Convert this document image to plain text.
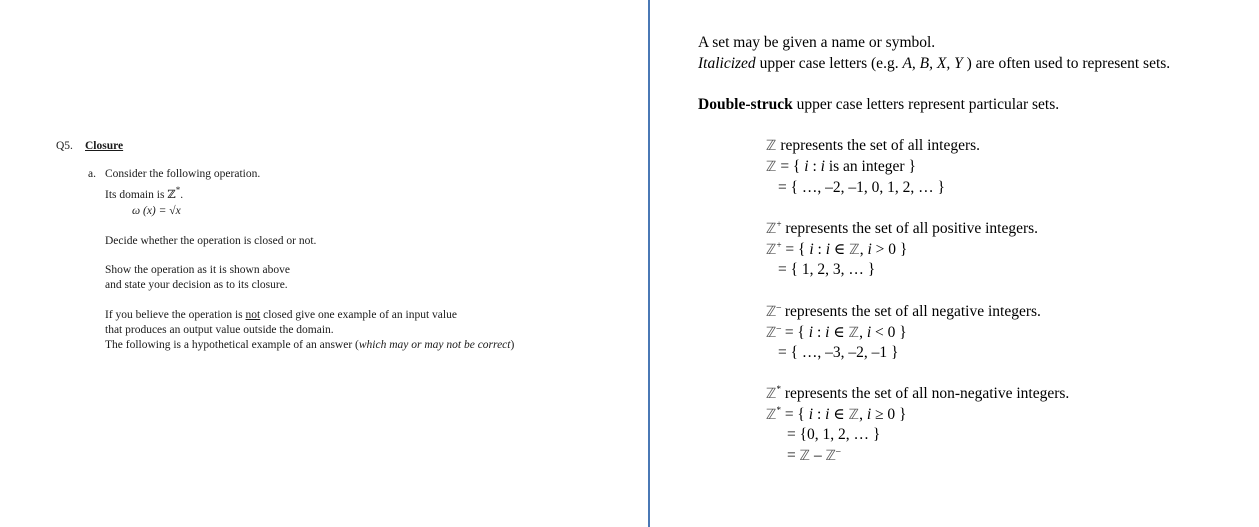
Q5. Closure
a. Consider the following operation.
Its domain is ℤ*.
ω (x) = √x
Decide whether the operation is closed or not.
Show the operation as it is shown above
and state your decision as to its closure.
If you believe the operation is not closed give one example of an input value
that produces an output value outside the domain.
The following is a hypothetical example of an answer (which may or may not be correct)
A set may be given a name or symbol.
Italicized upper case letters (e.g. A, B, X, Y ) are often used to represent sets.
Double-struck upper case letters represent particular sets.
ℤ represents the set of all integers.
ℤ = { i : i is an integer }
= { …, –2, –1, 0, 1, 2, … }
ℤ+ represents the set of all positive integers.
ℤ+ = { i : i ∈ ℤ, i > 0 }
= { 1, 2, 3, … }
ℤ– represents the set of all negative integers.
ℤ– = { i : i ∈ ℤ, i < 0 }
= { …, –3, –2, –1 }
ℤ* represents the set of all non-negative integers.
ℤ* = { i : i ∈ ℤ, i ≥ 0 }
= {0, 1, 2, … }
= ℤ – ℤ–
